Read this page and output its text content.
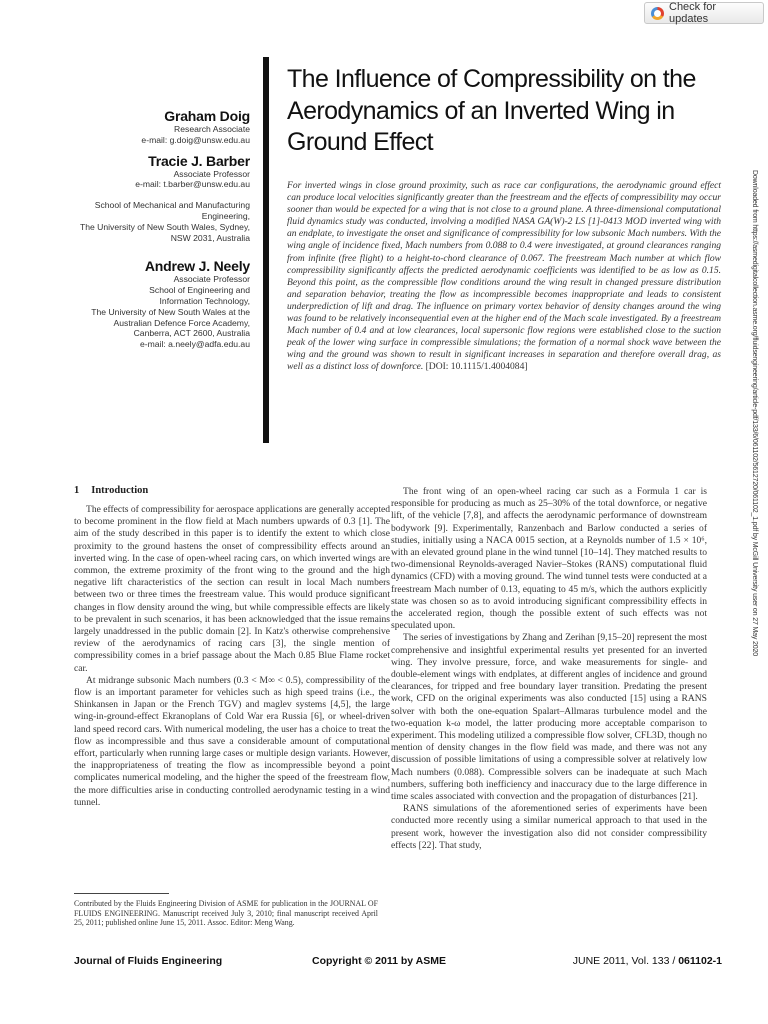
Check for updates
Graham Doig
Research Associate
e-mail: g.doig@unsw.edu.au
Tracie J. Barber
Associate Professor
e-mail: t.barber@unsw.edu.au
School of Mechanical and Manufacturing
Engineering,
The University of New South Wales, Sydney,
NSW 2031, Australia
Andrew J. Neely
Associate Professor
School of Engineering and
Information Technology,
The University of New South Wales at the
Australian Defence Force Academy,
Canberra, ACT 2600, Australia
e-mail: a.neely@adfa.edu.au
The Influence of Compressibility on the Aerodynamics of an Inverted Wing in Ground Effect
For inverted wings in close ground proximity, such as race car configurations, the aerodynamic ground effect can produce local velocities significantly greater than the freestream and the effects of compressibility may occur sooner than would be expected for a wing that is not close to a ground plane. A three-dimensional computational fluid dynamics study was conducted, involving a modified NASA GA(W)-2 LS [1]-0413 MOD inverted wing with an endplate, to investigate the onset and significance of compressibility for low subsonic Mach numbers. With the wing angle of incidence fixed, Mach numbers from 0.088 to 0.4 were investigated, at ground clearances ranging from infinite (free flight) to a height-to-chord clearance of 0.067. The freestream Mach number at which flow compressibility significantly affects the predicted aerodynamic coefficients was identified to be as low as 0.15. Beyond this point, as the compressible flow conditions around the wing result in changed pressure distribution and separation behavior, treating the flow as incompressible becomes inappropriate and leads to consistent underprediction of lift and drag. The influence on primary vortex behavior of density changes around the wing was found to be relatively inconsequential even at the higher end of the Mach scale investigated. By a freestream Mach number of 0.4 and at low clearances, local supersonic flow regions were established close to the suction peak of the lower wing surface in compressible simulations; the formation of a normal shock wave between the wing and the ground was shown to result in significant increases in separation and therefore overall drag, as well as a distinct loss of downforce. [DOI: 10.1115/1.4004084]	Downloaded from https://asmedigitalcollection.asme.org/fluidsengineering/article-pdf/133/6/061102/5612720/061102_1.pdf by McGill University user on 27 May 2020
1 Introduction

The effects of compressibility for aerospace applications are generally accepted to become prominent in the flow field at Mach numbers upwards of 0.3 [1]. The aim of the study described in this paper is to identify the extent to which close proximity to the ground hastens the onset of compressibility effects around an inverted wing. In the case of open-wheel racing cars, on which inverted wings are common, the extreme proximity of the front wing to the ground and the high negative lift characteristics of the section can result in local Mach numbers between two or three times the freestream value. This would produce significant changes in flow density around the wing, but while compressible effects are likely to be prevalent in such scenarios, it has been acknowledged that the issue remains largely unaddressed in the public domain [2]. In Katz's otherwise comprehensive review of the aerodynamics of racing cars [3], the single mention of compressibility comes in a brief passage about the Mach 0.85 Blue Flame rocket car.

At midrange subsonic Mach numbers (0.3 < M∞ < 0.5), compressibility of the flow is an important parameter for vehicles such as high speed trains (i.e., the Shinkansen in Japan or the French TGV) and maglev systems [4,5], the large wing-in-ground-effect Ekranoplans of Cold War era Russia [6], or wheel-driven land speed record cars. With numerical modeling, the user has a choice to treat the flow as incompressible and thus save a considerable amount of computational effort, particularly when running large cases or multiple design variants. However, the inappropriateness of treating the flow as incompressible beyond a point complicates numerical modeling, and the higher the speed of the freestream flow, the more difficulties arise in conducting controlled aerodynamic testing in a wind tunnel.

The front wing of an open-wheel racing car such as a Formula 1 car is responsible for producing as much as 25–30% of the total downforce, or negative lift, of the vehicle [7,8], and affects the aerodynamic performance of downstream bodywork [9]. Experimentally, Ranzenbach and Barlow conducted a series of studies, initially using a NACA 0015 section, at a Reynolds number of 1.5 × 10⁶, with an elevated ground plane in the wind tunnel [10–14]. They matched results to two-dimensional Reynolds-averaged Navier–Stokes (RANS) computational fluid dynamics (CFD) with a moving ground. The wind tunnel tests were conducted at a freestream Mach number of 0.13, equating to 45 m/s, which the authors explicitly state was chosen so as to avoid introducing significant compressibility effects in the accelerated region, though the possible extent of such effects was not speculated upon.

The series of investigations by Zhang and Zerihan [9,15–20] represent the most comprehensive and insightful experimental results yet presented for an inverted wing. They involve pressure, force, and wake measurements for single- and double-element wings with endplates, at different angles of incidence and ground clearances, for tripped and free boundary layer transition. Predating the present work, CFD on the original experiments was also conducted [15] using a RANS solver with both the one-equation Spalart–Allmaras turbulence model and the two-equation k-ω model, the latter producing more acceptable comparison to experiment. This modeling utilized a compressible flow solver, CFL3D, though no mention of density changes in the flow field was made, and there was not any discussion of possible limitations of using a compressible solver at relatively low Mach numbers (0.088). Compressible solvers can be inadequate at such Mach numbers, suffering both inefficiency and inaccuracy due to the large difference in time scales associated with convection and the propagation of disturbances [21].

RANS simulations of the aforementioned series of experiments have been conducted more recently using a similar numerical approach to that used in the present work, however the investigation also did not consider compressibility effects [22]. That study,

Contributed by the Fluids Engineering Division of ASME for publication in the JOURNAL OF FLUIDS ENGINEERING. Manuscript received July 3, 2010; final manuscript received April 25, 2011; published online June 15, 2011. Assoc. Editor: Meng Wang.
Journal of Fluids Engineering	Copyright © 2011 by ASME	JUNE 2011, Vol. 133 / 061102-1
